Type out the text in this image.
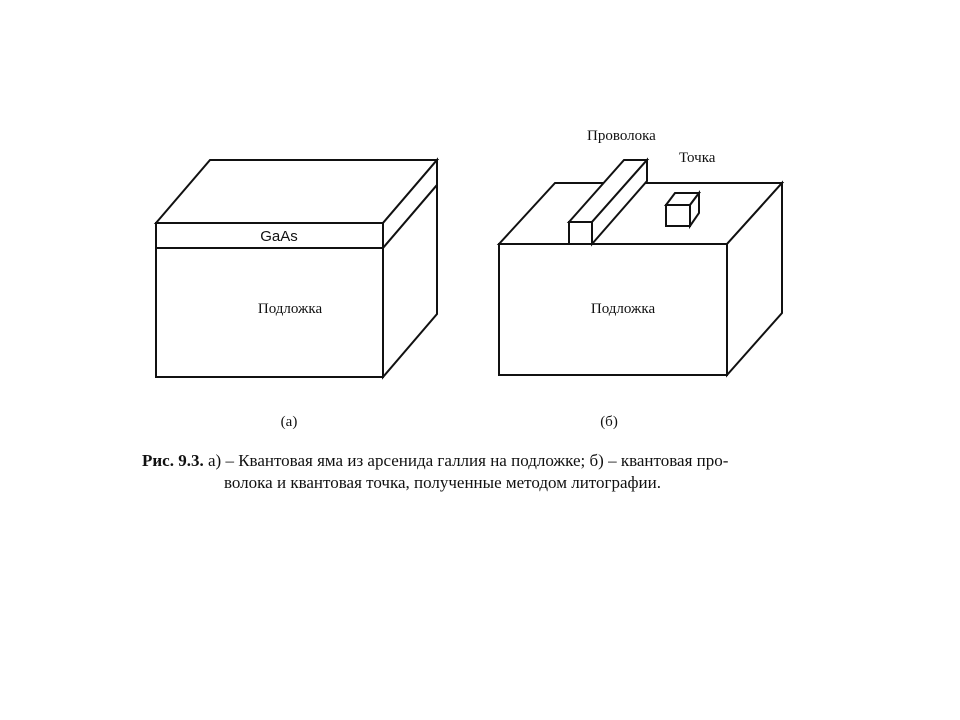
GaAs
Подложка
(а)
Проволока
Точка
Подложка
(б)
Рис. 9.3. а) – Квантовая яма из арсенида галлия на подложке; б) – квантовая про-
волока и квантовая точка, полученные методом литографии.
